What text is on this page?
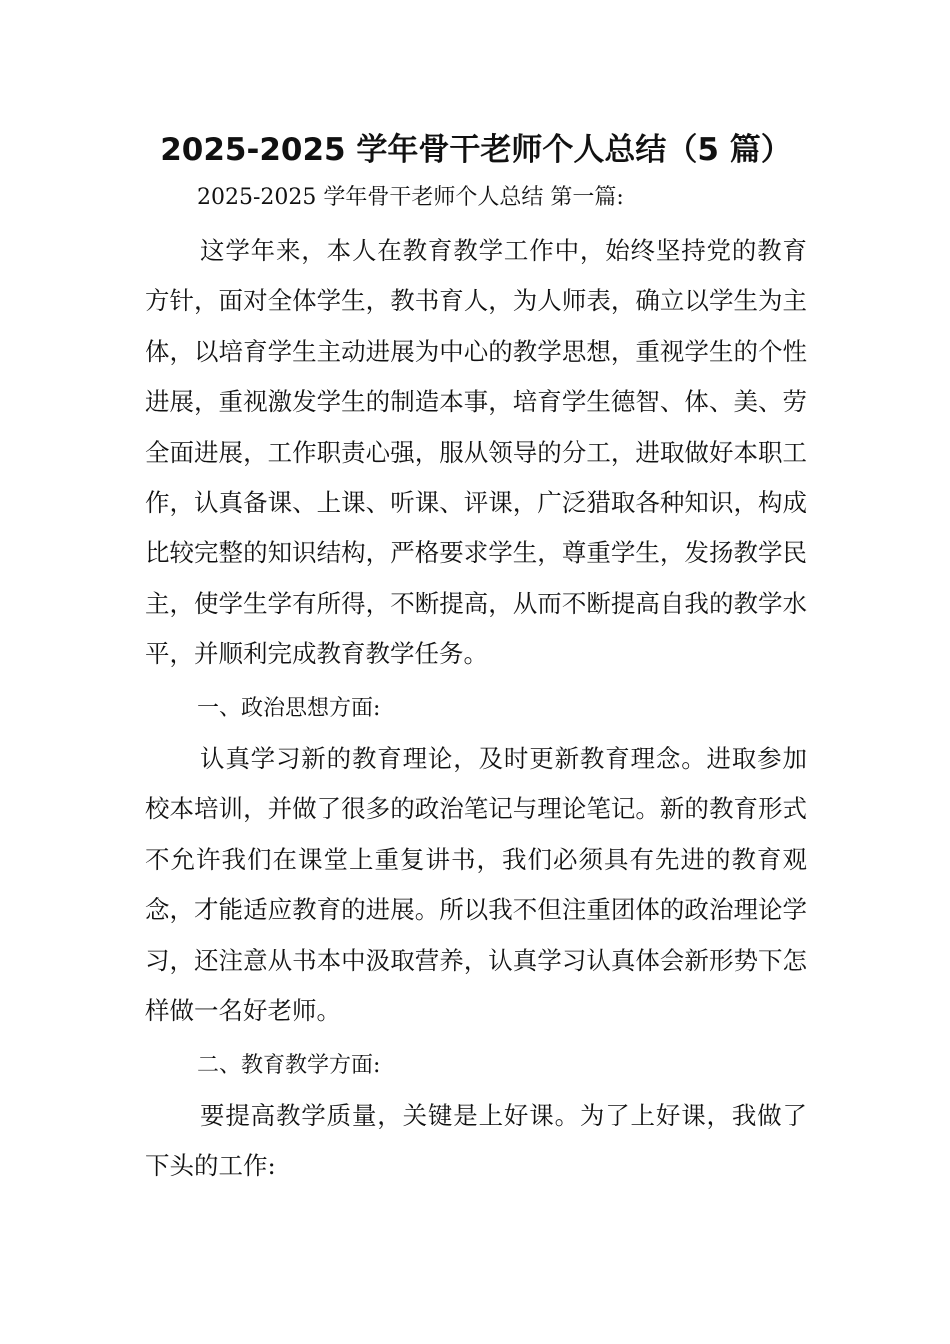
2025-2025 学年骨干老师个人总结（5 篇）

2025-2025 学年骨干老师个人总结 第一篇:

这学年来，本人在教育教学工作中，始终坚持党的教育方针，面对全体学生，教书育人，为人师表，确立以学生为主体，以培育学生主动进展为中心的教学思想，重视学生的个性进展，重视激发学生的制造本事，培育学生德智、体、美、劳全面进展，工作职责心强，服从领导的分工，进取做好本职工作，认真备课、上课、听课、评课，广泛猎取各种知识，构成比较完整的知识结构，严格要求学生，尊重学生，发扬教学民主，使学生学有所得，不断提高，从而不断提高自我的教学水平，并顺利完成教育教学任务。

一、政治思想方面:

认真学习新的教育理论，及时更新教育理念。进取参加校本培训，并做了很多的政治笔记与理论笔记。新的教育形式不允许我们在课堂上重复讲书，我们必须具有先进的教育观念，才能适应教育的进展。所以我不但注重团体的政治理论学习，还注意从书本中汲取营养，认真学习认真体会新形势下怎样做一名好老师。

二、教育教学方面:

要提高教学质量，关键是上好课。为了上好课，我做了下头的工作:
